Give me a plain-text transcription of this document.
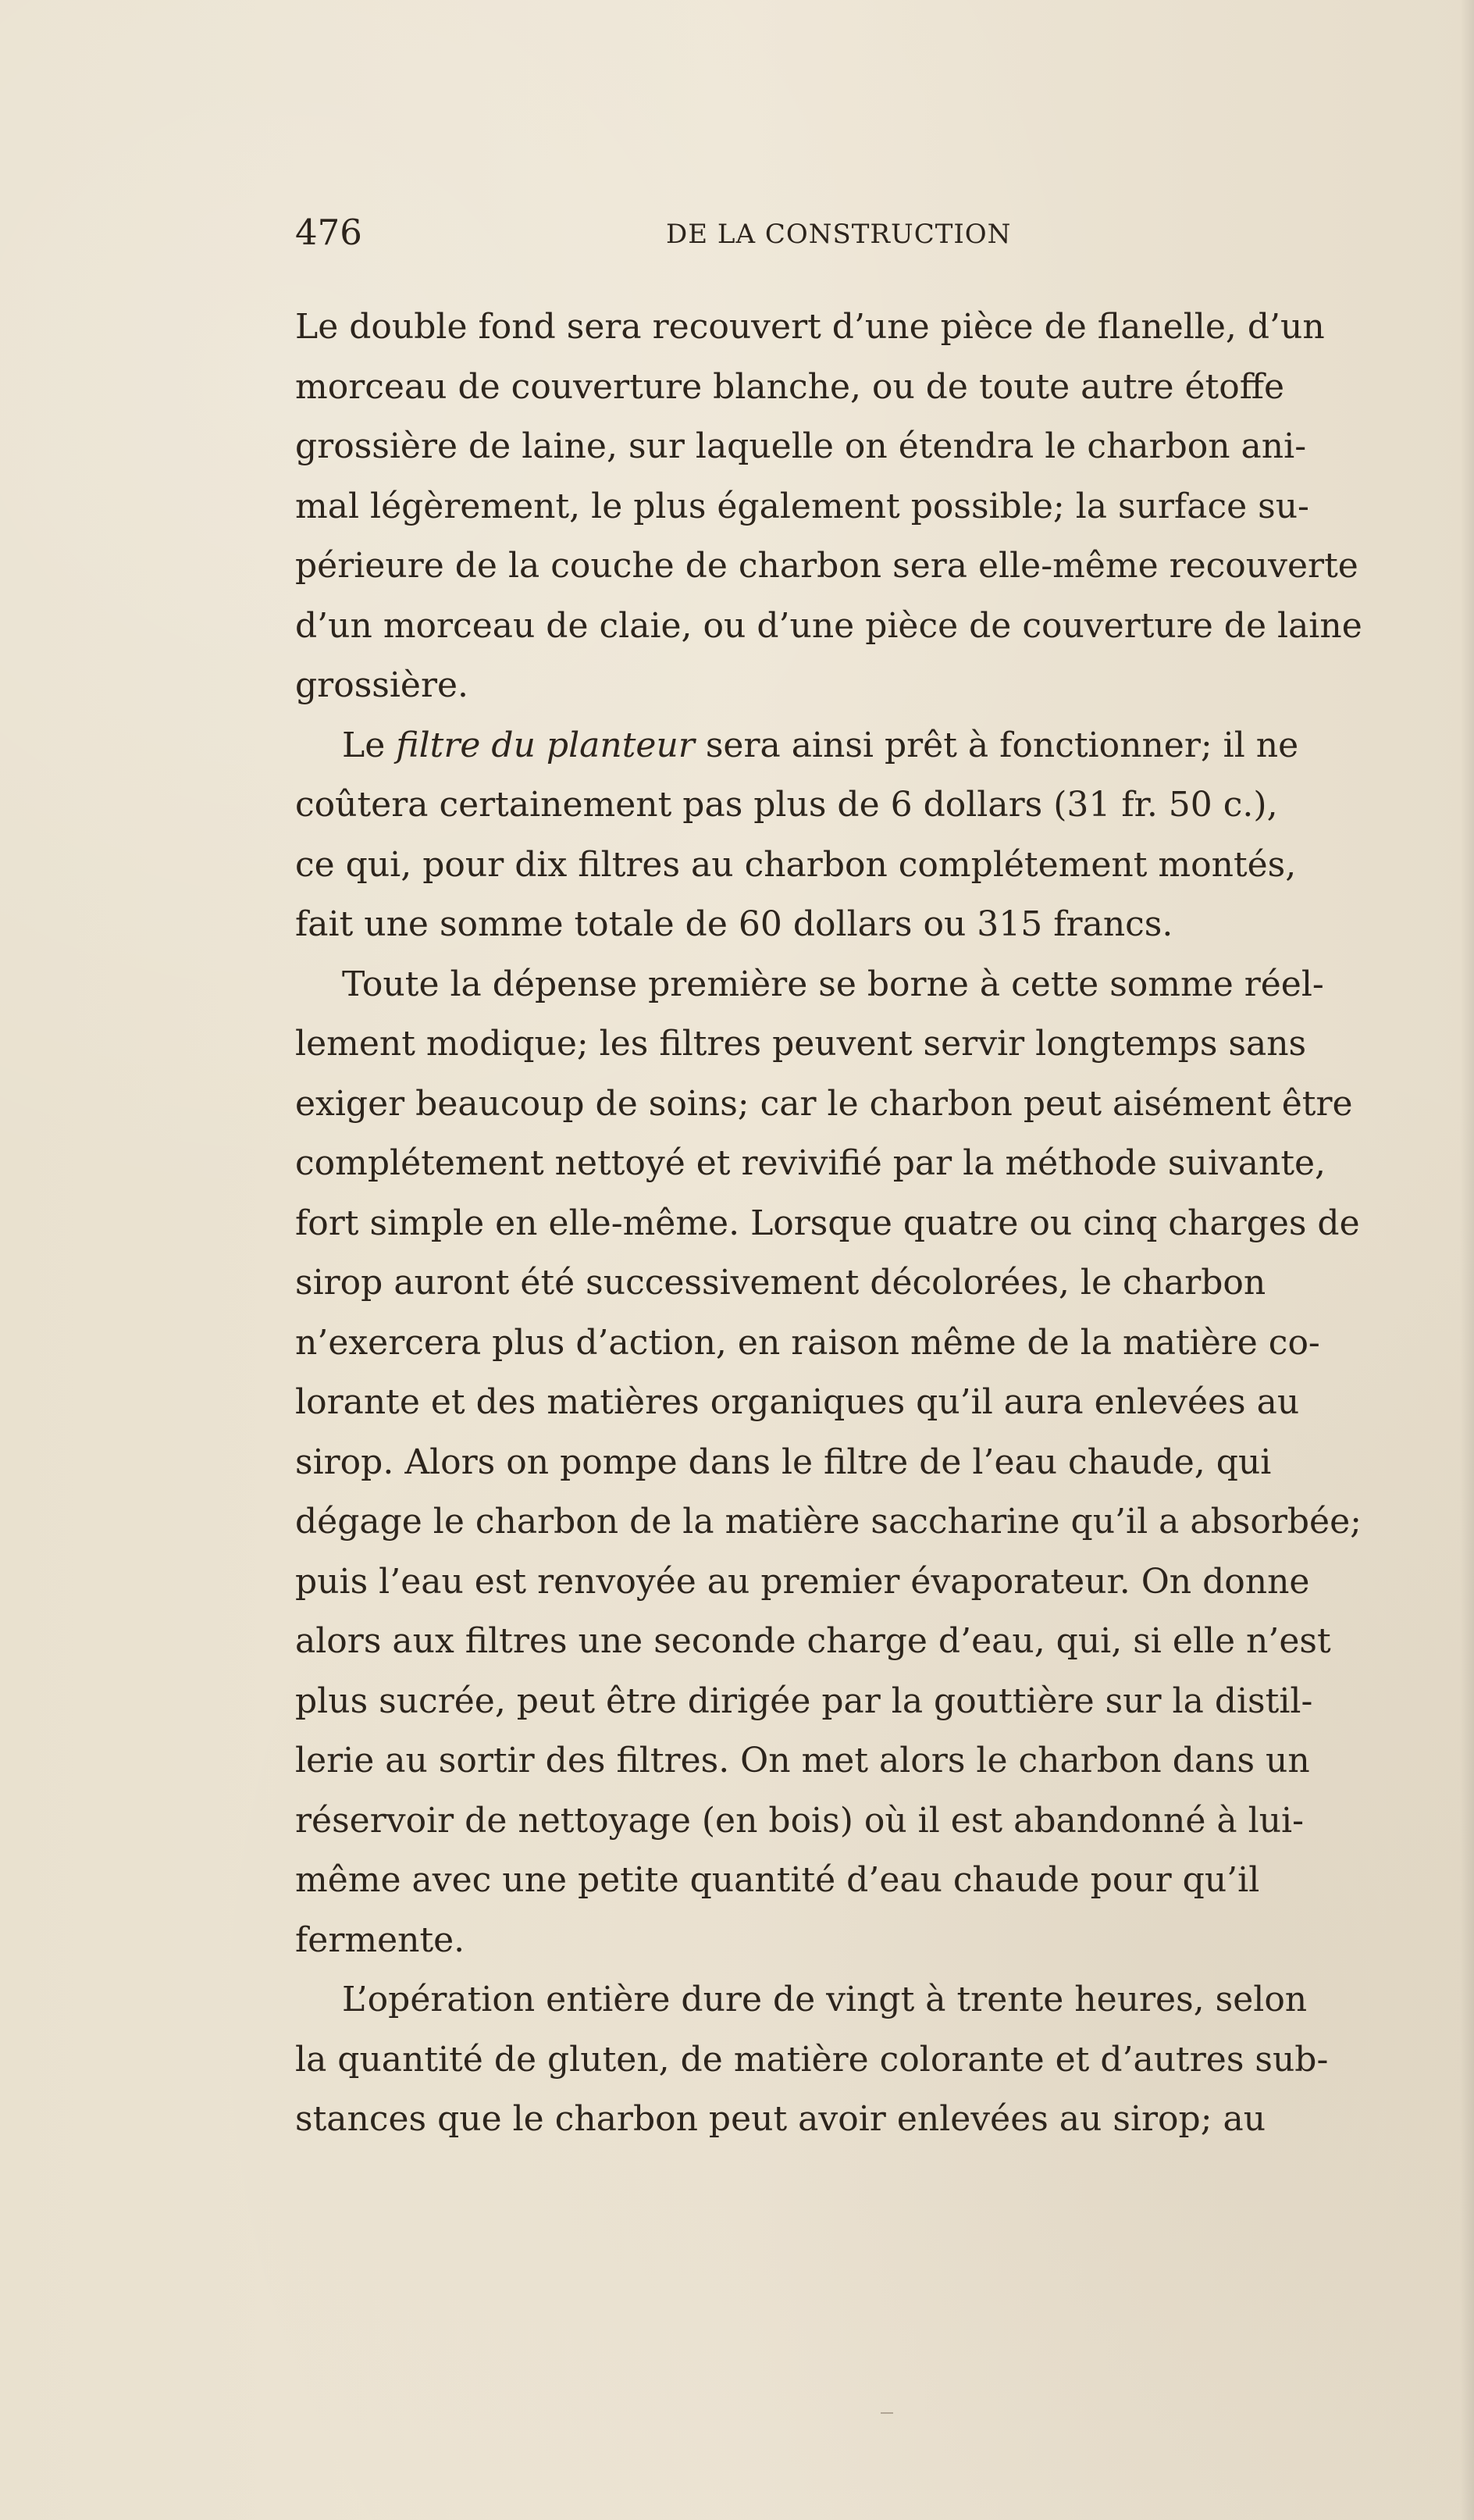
476	DE LA CONSTRUCTION
Le double fond sera recouvert d’une pièce de flanelle, d’un
morceau de couverture blanche, ou de toute autre étoffe
grossière de laine, sur laquelle on étendra le charbon ani-
mal légèrement, le plus également possible; la surface su-
périeure de la couche de charbon sera elle-même recouverte
d’un morceau de claie, ou d’une pièce de couverture de laine
grossière.
Le filtre du planteur sera ainsi prêt à fonctionner; il ne
coûtera certainement pas plus de 6 dollars (31 fr. 50 c.),
ce qui, pour dix filtres au charbon complétement montés,
fait une somme totale de 60 dollars ou 315 francs.
Toute la dépense première se borne à cette somme réel-
lement modique; les filtres peuvent servir longtemps sans
exiger beaucoup de soins; car le charbon peut aisément être
complétement nettoyé et revivifié par la méthode suivante,
fort simple en elle-même. Lorsque quatre ou cinq charges de
sirop auront été successivement décolorées, le charbon
n’exercera plus d’action, en raison même de la matière co-
lorante et des matières organiques qu’il aura enlevées au
sirop. Alors on pompe dans le filtre de l’eau chaude, qui
dégage le charbon de la matière saccharine qu’il a absorbée;
puis l’eau est renvoyée au premier évaporateur. On donne
alors aux filtres une seconde charge d’eau, qui, si elle n’est
plus sucrée, peut être dirigée par la gouttière sur la distil-
lerie au sortir des filtres. On met alors le charbon dans un
réservoir de nettoyage (en bois) où il est abandonné à lui-
même avec une petite quantité d’eau chaude pour qu’il
fermente.
L’opération entière dure de vingt à trente heures, selon
la quantité de gluten, de matière colorante et d’autres sub-
stances que le charbon peut avoir enlevées au sirop; au
